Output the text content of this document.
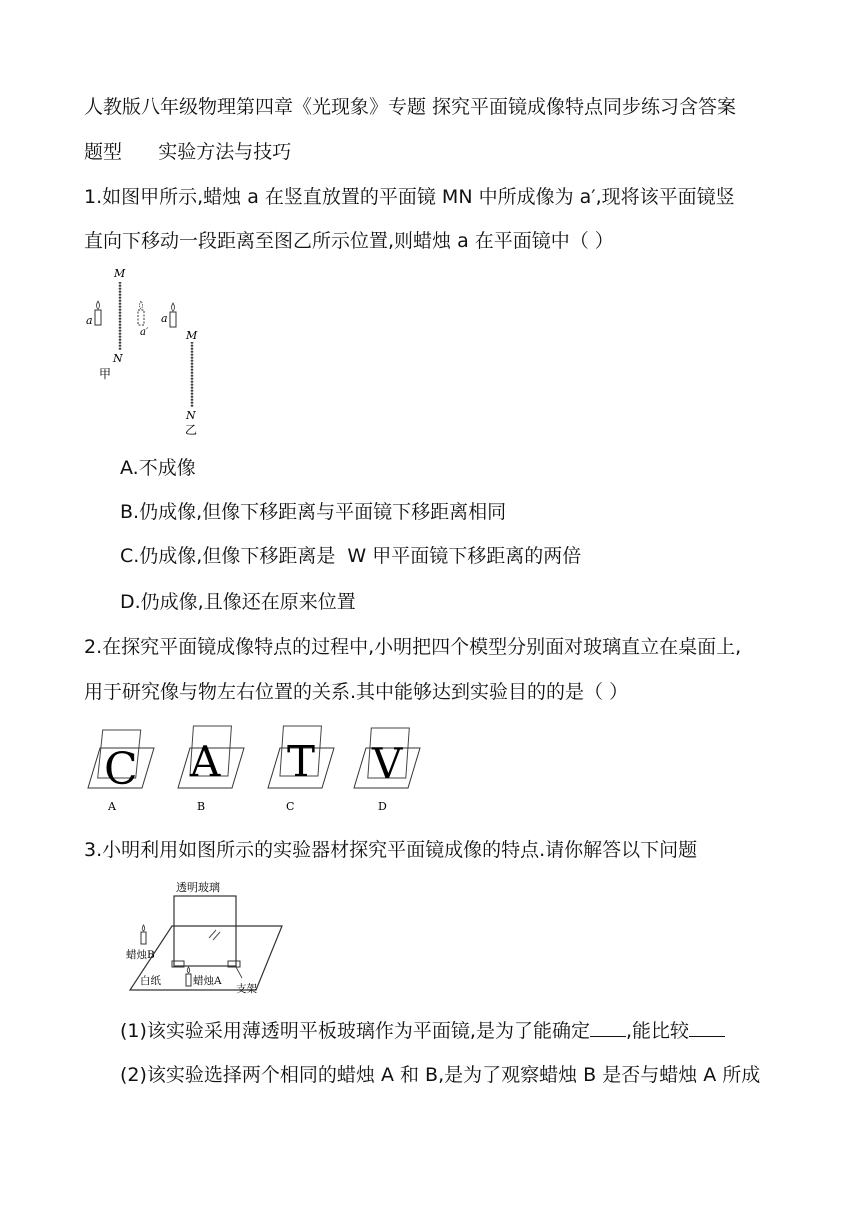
人教版八年级物理第四章《光现象》专题 探究平面镜成像特点同步练习含答案
题型      实验方法与技巧
1.如图甲所示,蜡烛 a 在竖直放置的平面镜 MN 中所成像为 a′,现将该平面镜竖
直向下移动一段距离至图乙所示位置,则蜡烛 a 在平面镜中（ ）
M
N
a
a′
甲
a
M
N
乙
A.不成像
B.仍成像,但像下移距离与平面镜下移距离相同
C.仍成像,但像下移距离是  W 甲平面镜下移距离的两倍
D.仍成像,且像还在原来位置
2.在探究平面镜成像特点的过程中,小明把四个模型分别面对玻璃直立在桌面上,
用于研究像与物左右位置的关系.其中能够达到实验目的的是（ ）
C
A
A
B
T
C
V
D
3.小明利用如图所示的实验器材探究平面镜成像的特点.请你解答以下问题
透明玻璃
蜡烛B
白纸	蜡烛A
支架
(1)该实验采用薄透明平板玻璃作为平面镜,是为了能确定 ,能比较
(2)该实验选择两个相同的蜡烛 A 和 B,是为了观察蜡烛 B 是否与蜡烛 A 所成
